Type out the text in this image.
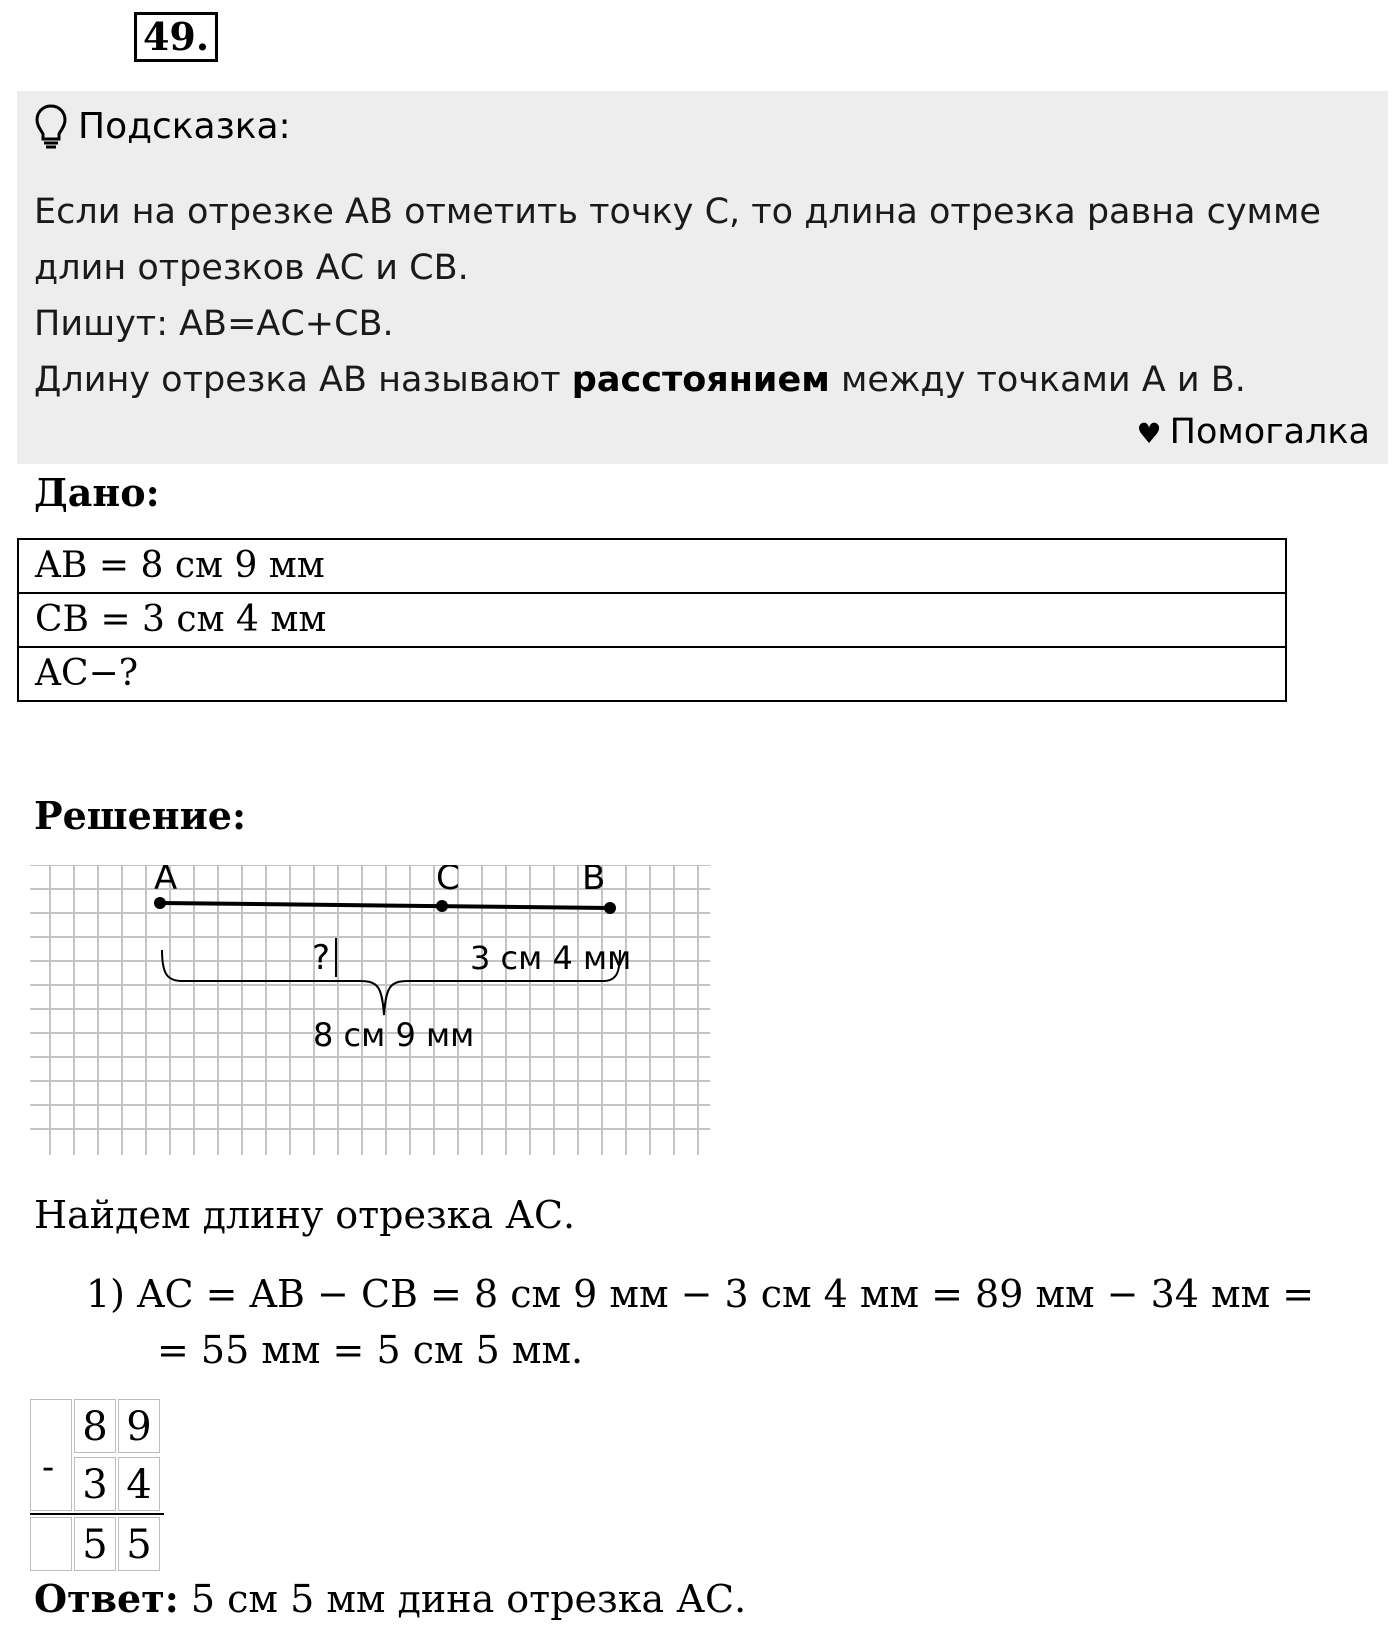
49.
Подсказка:
Если на отрезке АВ отметить точку С, то длина отрезка равна сумме
длин отрезков АС и СВ.
Пишут: АВ=АС+СВ.
Длину отрезка АВ называют расстоянием между точками А и В.
♥ Помогалка
Дано:
AB = 8 см 9 мм
CB = 3 см 4 мм
AC−?
Решение:
A	C	B
?	3 см 4 мм
8 см 9 мм
Найдем длину отрезка АС.
1) AC = AB − CB = 8 см 9 мм − 3 см 4 мм = 89 мм − 34 мм =
= 55 мм = 5 см 5 мм.
-
8 9
3 4
5 5
Ответ: 5 см 5 мм дина отрезка АС.
